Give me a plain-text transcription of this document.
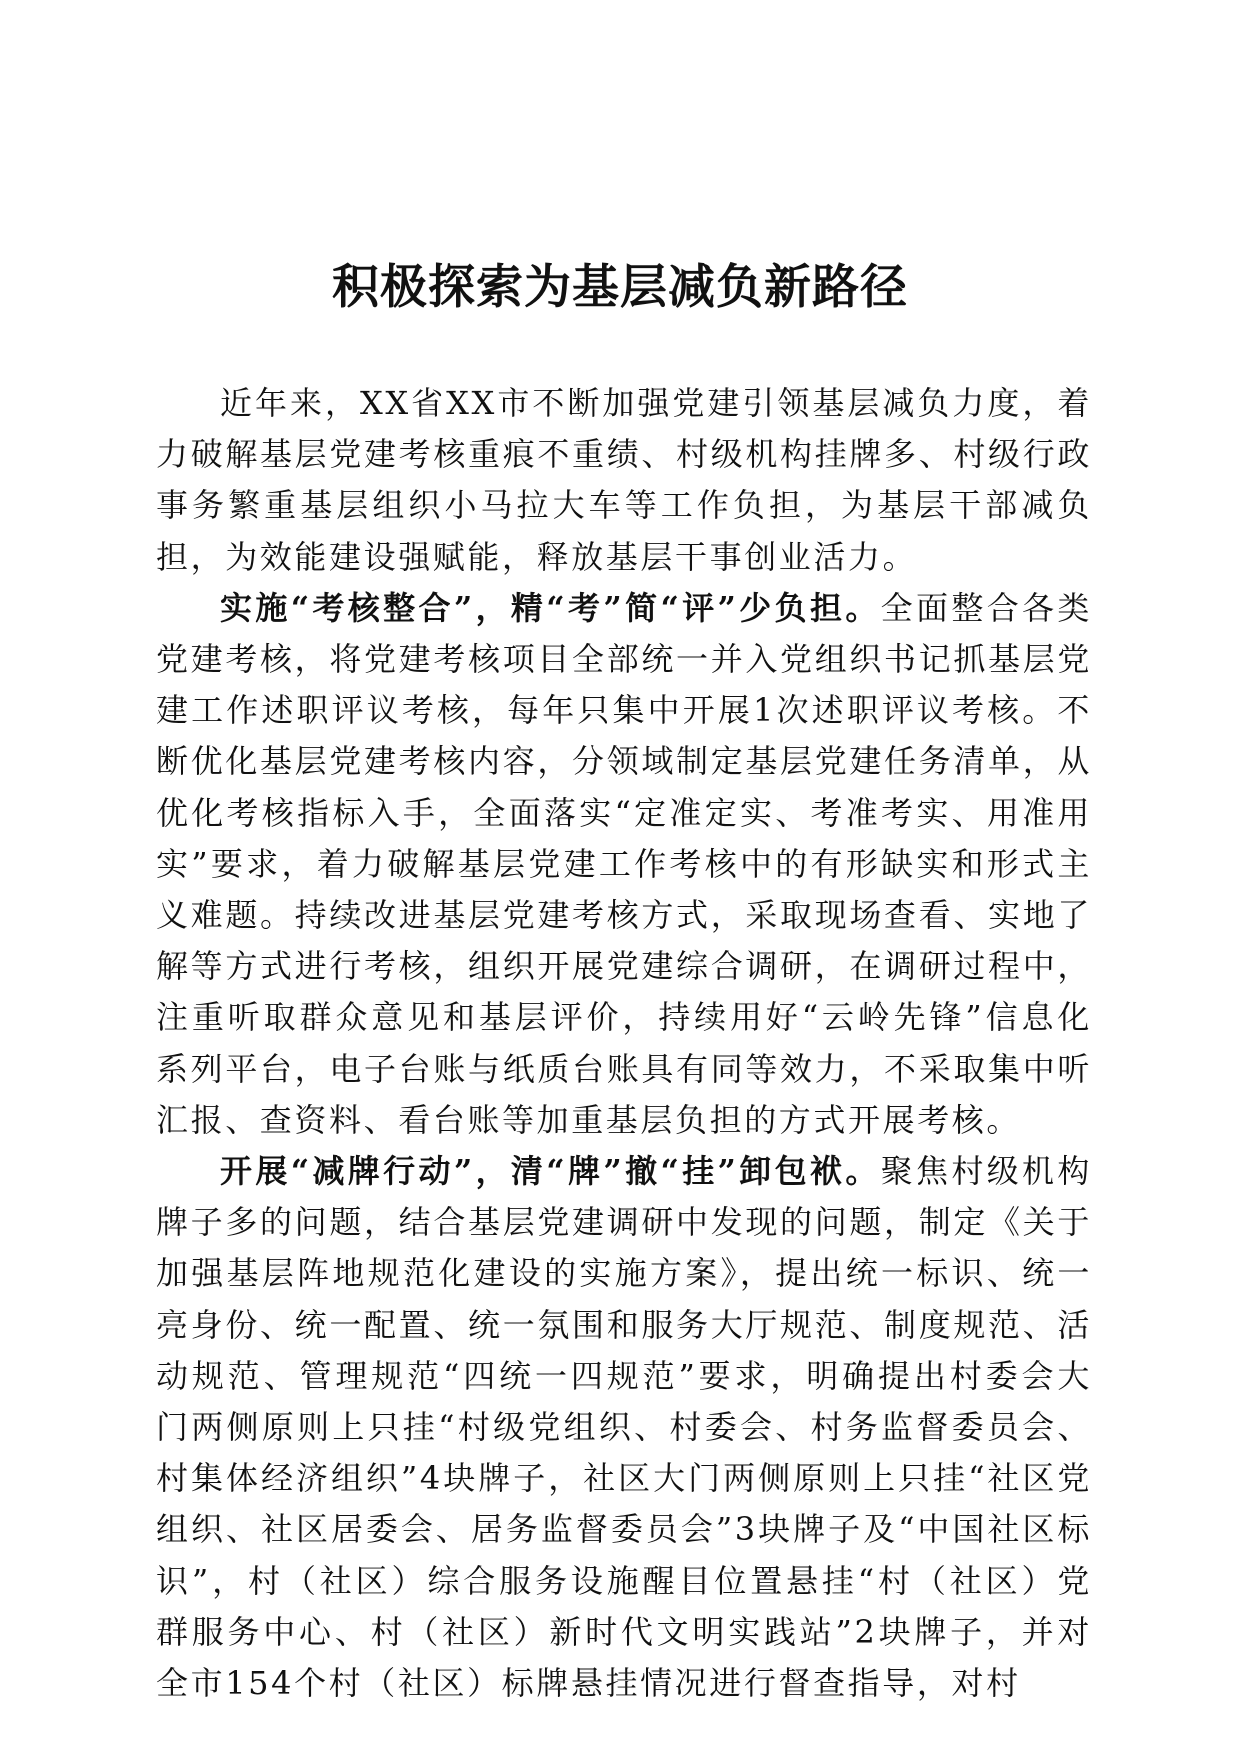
积极探索为基层减负新路径

近年来，XX省XX市不断加强党建引领基层减负力度，着力破解基层党建考核重痕不重绩、村级机构挂牌多、村级行政事务繁重基层组织小马拉大车等工作负担，为基层干部减负担，为效能建设强赋能，释放基层干事创业活力。

实施“考核整合”，精“考”简“评”少负担。全面整合各类党建考核，将党建考核项目全部统一并入党组织书记抓基层党建工作述职评议考核，每年只集中开展1次述职评议考核。不断优化基层党建考核内容，分领域制定基层党建任务清单，从优化考核指标入手，全面落实“定准定实、考准考实、用准用实”要求，着力破解基层党建工作考核中的有形缺实和形式主义难题。持续改进基层党建考核方式，采取现场查看、实地了解等方式进行考核，组织开展党建综合调研，在调研过程中，注重听取群众意见和基层评价，持续用好“云岭先锋”信息化系列平台，电子台账与纸质台账具有同等效力，不采取集中听汇报、查资料、看台账等加重基层负担的方式开展考核。

开展“减牌行动”，清“牌”撤“挂”卸包袱。聚焦村级机构牌子多的问题，结合基层党建调研中发现的问题，制定《关于加强基层阵地规范化建设的实施方案》，提出统一标识、统一亮身份、统一配置、统一氛围和服务大厅规范、制度规范、活动规范、管理规范“四统一四规范”要求，明确提出村委会大门两侧原则上只挂“村级党组织、村委会、村务监督委员会、村集体经济组织”4块牌子，社区大门两侧原则上只挂“社区党组织、社区居委会、居务监督委员会”3块牌子及“中国社区标识”，村（社区）综合服务设施醒目位置悬挂“村（社区）党群服务中心、村（社区）新时代文明实践站”2块牌子，并对全市154个村（社区）标牌悬挂情况进行督查指导，对村
